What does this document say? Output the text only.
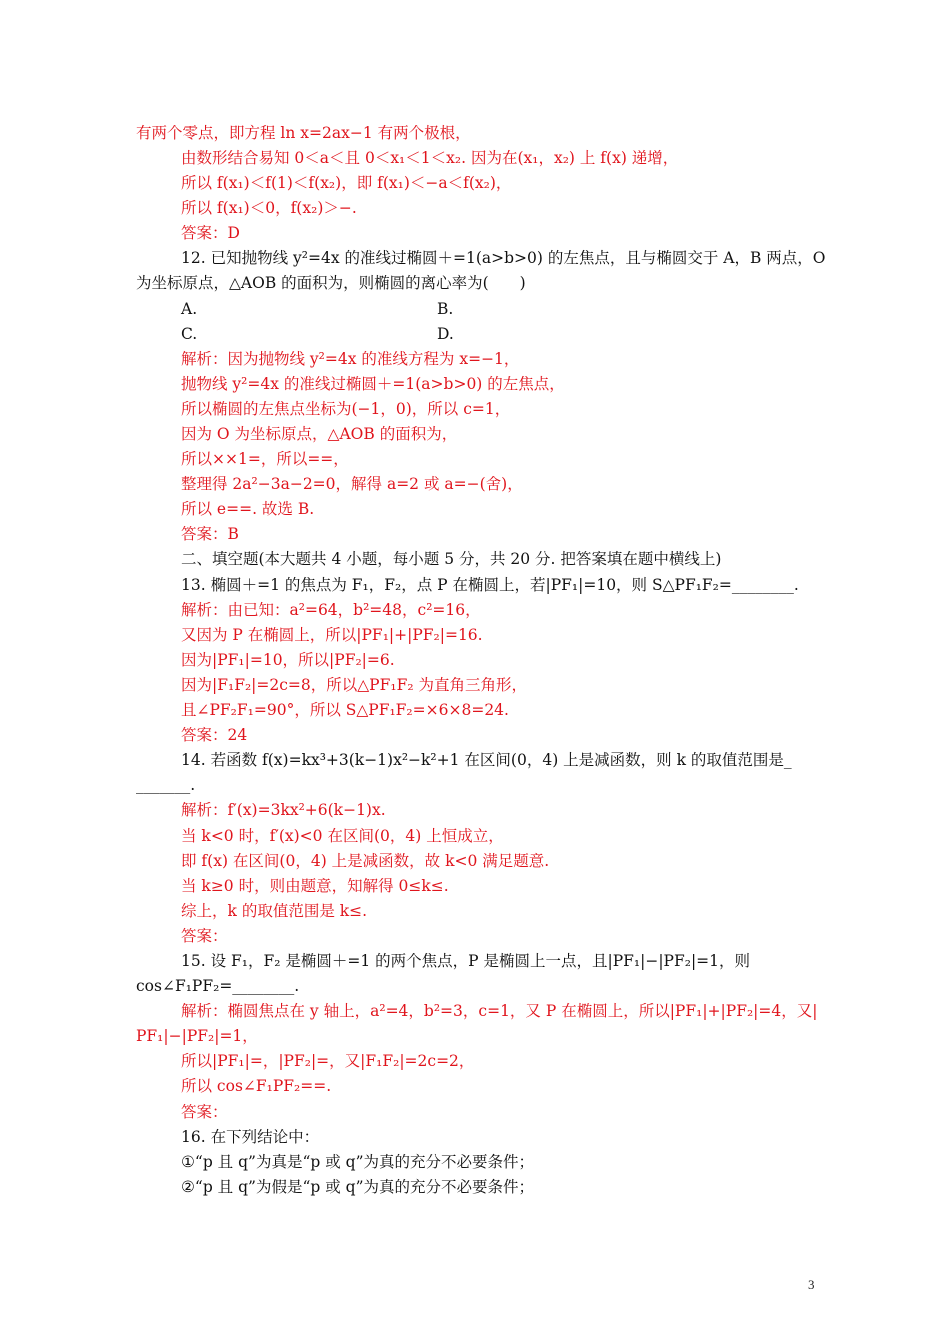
有两个零点，即方程 ln x=2ax−1 有两个极根，
由数形结合易知 0＜a＜且 0＜x₁＜1＜x₂. 因为在(x₁，x₂) 上 f(x) 递增，
所以 f(x₁)＜f(1)＜f(x₂)，即 f(x₁)＜−a＜f(x₂)，
所以 f(x₁)＜0，f(x₂)＞−.
答案：D
12. 已知抛物线 y²=4x 的准线过椭圆＋=1(a>b>0) 的左焦点，且与椭圆交于 A，B 两点，O
为坐标原点，△AOB 的面积为，则椭圆的离心率为(　　)
A.	B.
C.	D.
解析：因为抛物线 y²=4x 的准线方程为 x=−1，
抛物线 y²=4x 的准线过椭圆＋=1(a>b>0) 的左焦点，
所以椭圆的左焦点坐标为(−1，0)，所以 c=1，
因为 O 为坐标原点，△AOB 的面积为，
所以××1=，所以==，
整理得 2a²−3a−2=0，解得 a=2 或 a=−(舍)，
所以 e==. 故选 B.
答案：B
二、填空题(本大题共 4 小题，每小题 5 分，共 20 分. 把答案填在题中横线上)
13. 椭圆＋=1 的焦点为 F₁，F₂，点 P 在椭圆上，若|PF₁|=10，则 S△PF₁F₂=________.
解析：由已知：a²=64，b²=48，c²=16，
又因为 P 在椭圆上，所以|PF₁|+|PF₂|=16.
因为|PF₁|=10，所以|PF₂|=6.
因为|F₁F₂|=2c=8，所以△PF₁F₂ 为直角三角形，
且∠PF₂F₁=90°，所以 S△PF₁F₂=×6×8=24.
答案：24
14. 若函数 f(x)=kx³+3(k−1)x²−k²+1 在区间(0，4) 上是减函数，则 k 的取值范围是_
_______.
解析：f′(x)=3kx²+6(k−1)x.
当 k<0 时，f′(x)<0 在区间(0，4) 上恒成立，
即 f(x) 在区间(0，4) 上是减函数，故 k<0 满足题意.
当 k≥0 时，则由题意，知解得 0≤k≤.
综上，k 的取值范围是 k≤.
答案：
15. 设 F₁，F₂ 是椭圆＋=1 的两个焦点，P 是椭圆上一点，且|PF₁|−|PF₂|=1，则
cos∠F₁PF₂=________.
解析：椭圆焦点在 y 轴上，a²=4，b²=3，c=1，又 P 在椭圆上，所以|PF₁|+|PF₂|=4，又|
PF₁|−|PF₂|=1，
所以|PF₁|=，|PF₂|=，又|F₁F₂|=2c=2，
所以 cos∠F₁PF₂==.
答案：
16. 在下列结论中：
①“p 且 q”为真是“p 或 q”为真的充分不必要条件；
②“p 且 q”为假是“p 或 q”为真的充分不必要条件；
3
